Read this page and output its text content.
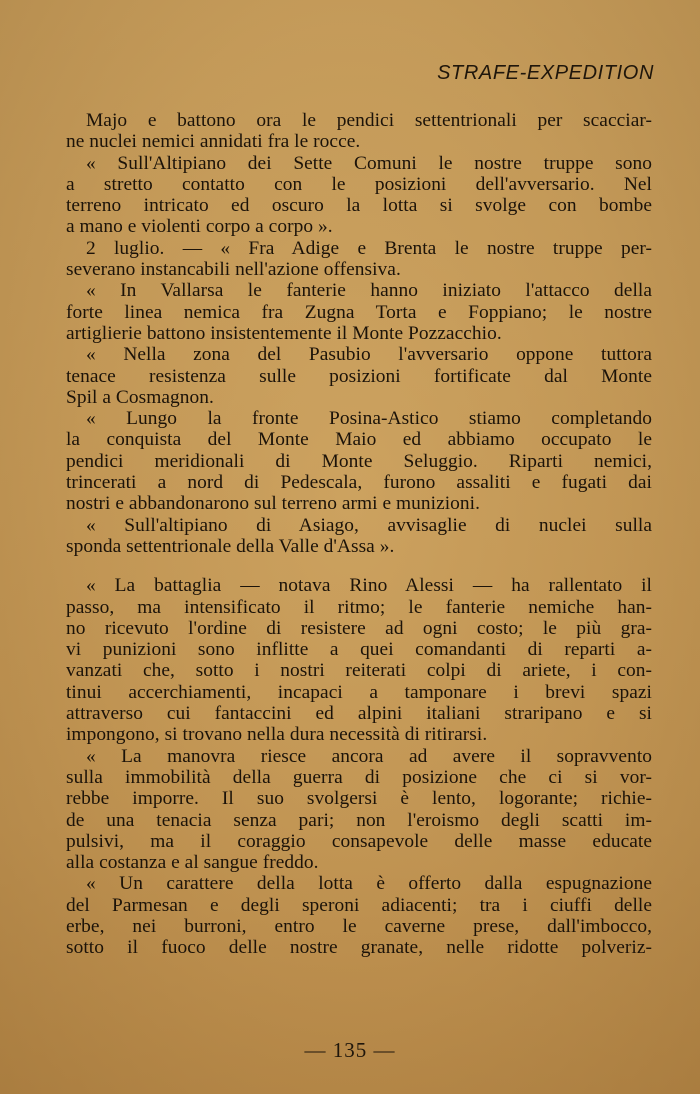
STRAFE-EXPEDITION
Majo e battono ora le pendici settentrionali per scacciar-
ne nuclei nemici annidati fra le rocce.
« Sull'Altipiano dei Sette Comuni le nostre truppe sono
a stretto contatto con le posizioni dell'avversario. Nel
terreno intricato ed oscuro la lotta si svolge con bombe
a mano e violenti corpo a corpo ».
2 luglio. — « Fra Adige e Brenta le nostre truppe per-
severano instancabili nell'azione offensiva.
« In Vallarsa le fanterie hanno iniziato l'attacco della
forte linea nemica fra Zugna Torta e Foppiano; le nostre
artiglierie battono insistentemente il Monte Pozzacchio.
« Nella zona del Pasubio l'avversario oppone tuttora
tenace resistenza sulle posizioni fortificate dal Monte
Spil a Cosmagnon.
« Lungo la fronte Posina-Astico stiamo completando
la conquista del Monte Maio ed abbiamo occupato le
pendici meridionali di Monte Seluggio. Riparti nemici,
trincerati a nord di Pedescala, furono assaliti e fugati dai
nostri e abbandonarono sul terreno armi e munizioni.
« Sull'altipiano di Asiago, avvisaglie di nuclei sulla
sponda settentrionale della Valle d'Assa ».
« La battaglia — notava Rino Alessi — ha rallentato il
passo, ma intensificato il ritmo; le fanterie nemiche han-
no ricevuto l'ordine di resistere ad ogni costo; le più gra-
vi punizioni sono inflitte a quei comandanti di reparti a-
vanzati che, sotto i nostri reiterati colpi di ariete, i con-
tinui accerchiamenti, incapaci a tamponare i brevi spazi
attraverso cui fantaccini ed alpini italiani straripano e si
impongono, si trovano nella dura necessità di ritirarsi.
« La manovra riesce ancora ad avere il sopravvento
sulla immobilità della guerra di posizione che ci si vor-
rebbe imporre. Il suo svolgersi è lento, logorante; richie-
de una tenacia senza pari; non l'eroismo degli scatti im-
pulsivi, ma il coraggio consapevole delle masse educate
alla costanza e al sangue freddo.
« Un carattere della lotta è offerto dalla espugnazione
del Parmesan e degli speroni adiacenti; tra i ciuffi delle
erbe, nei burroni, entro le caverne prese, dall'imbocco,
sotto il fuoco delle nostre granate, nelle ridotte polveriz-
— 135 —
